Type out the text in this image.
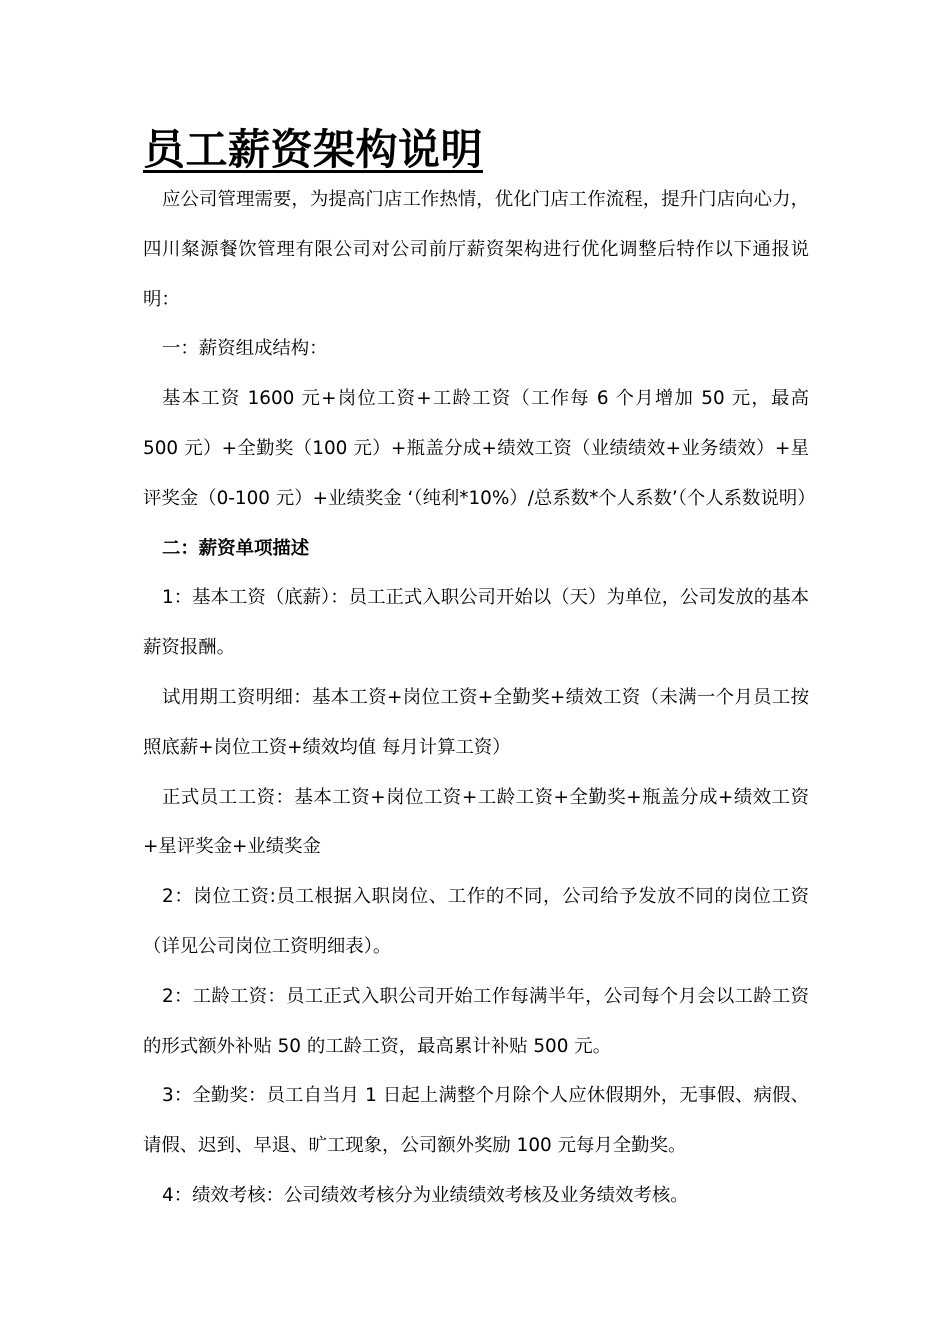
员工薪资架构说明

应公司管理需要，为提高门店工作热情，优化门店工作流程，提升门店向心力，四川粲源餐饮管理有限公司对公司前厅薪资架构进行优化调整后特作以下通报说明：

一：薪资组成结构：

基本工资 1600 元+岗位工资+工龄工资（工作每 6 个月增加 50 元，最高 500 元）+全勤奖（100 元）+瓶盖分成+绩效工资（业绩绩效+业务绩效）+星评奖金（0-100 元）+业绩奖金 ‘（纯利*10%）/总系数*个人系数’（个人系数说明）

二：薪资单项描述

1：基本工资（底薪）：员工正式入职公司开始以（天）为单位，公司发放的基本薪资报酬。

试用期工资明细：基本工资+岗位工资+全勤奖+绩效工资（未满一个月员工按照底薪+岗位工资+绩效均值 每月计算工资）

正式员工工资：基本工资+岗位工资+工龄工资+全勤奖+瓶盖分成+绩效工资+星评奖金+业绩奖金

2：岗位工资:员工根据入职岗位、工作的不同，公司给予发放不同的岗位工资（详见公司岗位工资明细表）。

2：工龄工资：员工正式入职公司开始工作每满半年，公司每个月会以工龄工资的形式额外补贴 50 的工龄工资，最高累计补贴 500 元。

3：全勤奖：员工自当月 1 日起上满整个月除个人应休假期外，无事假、病假、请假、迟到、早退、旷工现象，公司额外奖励 100 元每月全勤奖。

4：绩效考核：公司绩效考核分为业绩绩效考核及业务绩效考核。
